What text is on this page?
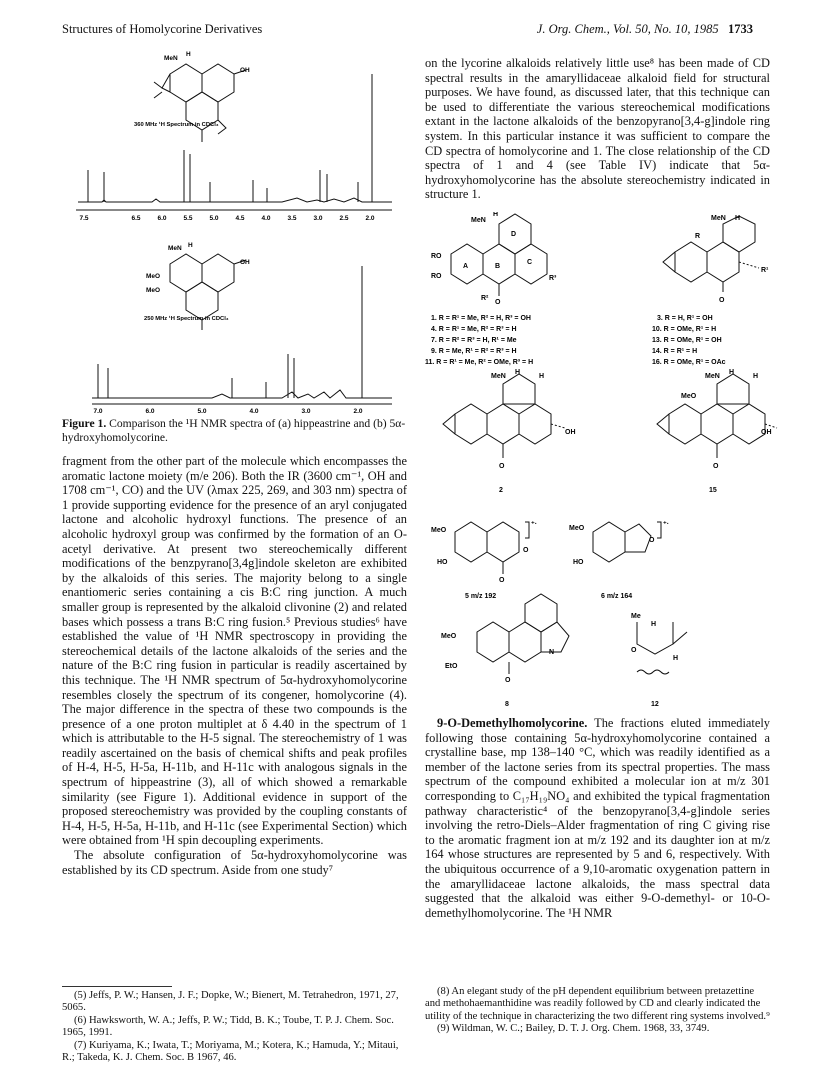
Structures of Homolycorine Derivatives	J. Org. Chem., Vol. 50, No. 10, 1985 1733
MeN
H
OH
360 MHz ¹H Spectrum in CDCl₃
7.5	6.5	6.0	5.5	5.0	4.5	4.0	3.5	3.0	2.5	2.0
MeN H
MeO
MeO
OH
250 MHz ¹H Spectrum in CDCl₃
7.0	6.0	5.0	4.0	3.0	2.0
Figure 1. Comparison the ¹H NMR spectra of (a) hippeastrine and (b) 5α-hydroxyhomolycorine.

fragment from the other part of the molecule which encompasses the aromatic lactone moiety (m/e 206). Both the IR (3600 cm⁻¹, OH and 1708 cm⁻¹, CO) and the UV (λmax 225, 269, and 303 nm) spectra of 1 provide supporting evidence for the presence of an aryl conjugated lactone and alcoholic hydroxyl functions. The presence of an alcoholic hydroxyl group was confirmed by the formation of an O-acetyl derivative. At present two stereochemically different modifications of the benzpyrano[3,4g]indole skeleton are exhibited by the alkaloids of this series. The majority belong to a single enantiomeric series containing a cis B:C ring junction. A much smaller group is represented by the alkaloid clivonine (2) and related bases which possess a trans B:C ring fusion.⁵ Previous studies⁶ have established the value of ¹H NMR spectroscopy in providing the stereochemical details of the lactone alkaloids of the series and the nature of the B:C ring fusion in particular is readily ascertained by this technique. The ¹H NMR spectrum of 5α-hydroxyhomolycorine resembles closely the spectrum of its congener, homolycorine (4). The major difference in the spectra of these two compounds is the presence of a one proton multiplet at δ 4.40 in the spectrum of 1 which is attributable to the H-5 signal. The stereochemistry of 1 was readily ascertained on the basis of chemical shifts and peak profiles of H-4, H-5, H-5a, H-11b, and H-11c with analogous signals in the spectrum of hippeastrine (3), all of which showed a remarkable similarity (see Figure 1). Additional evidence in support of the proposed stereochemistry was provided by the coupling constants of H-4, H-5, H-5a, H-11b, and H-11c (see Experimental Section) which were obtained from ¹H spin decoupling experiments.

The absolute configuration of 5α-hydroxyhomolycorine was established by its CD spectrum. Aside from one study⁷

(5) Jeffs, P. W.; Hansen, J. F.; Dopke, W.; Bienert, M. Tetrahedron, 1971, 27, 5065.
(6) Hawksworth, W. A.; Jeffs, P. W.; Tidd, B. K.; Toube, T. P. J. Chem. Soc. 1965, 1991.
(7) Kuriyama, K.; Iwata, T.; Moriyama, M.; Kotera, K.; Hamuda, Y.; Mitaui, R.; Takeda, K. J. Chem. Soc. B 1967, 46.

on the lycorine alkaloids relatively little use⁸ has been made of CD spectral results in the amaryllidaceae alkaloid field for structural purposes. We have found, as discussed later, that this technique can be used to differentiate the various stereochemical modifications extant in the lactone alkaloids of the benzopyrano[3,4-g]indole ring system. In this particular instance it was sufficient to compare the CD spectra of homolycorine and 1. The close relationship of the CD spectra of 1 and 4 (see Table IV) indicate that 5α-hydroxyhomolycorine has the absolute stereochemistry indicated in structure 1.

MeN
H
RO
RO	R³
R²
D
C
A	B
O
MeN H
R
R¹
O
1. R = R¹ = Me, R² = H, R³ = OH
4. R = R¹ = Me, R² = R³ = H
7. R = R² = R³ = H, R¹ = Me
9. R = Me, R¹ = R² = R³ = H
11. R = R¹ = Me, R² = OMe, R³ = H
3. R = H, R¹ = OH
10. R = OMe, R¹ = H
13. R = OMe, R¹ = OH
14. R = R¹ = H
16. R = OMe, R¹ = OAc
MeN
H
H
OH
O
2
MeN
H
H
MeO
OH
O
15
MeO
HO
O
O
⁺·
5 m/z 192
MeO
HO
O
⁺·
6 m/z 164
MeO
EtO
N
O
8
Me
H
H
O
12

9-O-Demethylhomolycorine. The fractions eluted immediately following those containing 5α-hydroxyhomolycorine contained a crystalline base, mp 138–140 °C, which was readily identified as a member of the lactone series from its spectral properties. The mass spectrum of the compound exhibited a molecular ion at m/z 301 corresponding to C₁₇H₁₉NO₄ and exhibited the typical fragmentation pathway characteristic⁴ of the benzopyrano[3,4-g]indole series involving the retro-Diels–Alder fragmentation of ring C giving rise to the aromatic fragment ion at m/z 192 and its daughter ion at m/z 164 whose structures are represented by 5 and 6, respectively. With the ubiquitous occurrence of a 9,10-aromatic oxygenation pattern in the amaryllidaceae lactone alkaloids, the mass spectral data suggested that the alkaloid was either 9-O-demethyl- or 10-O-demethylhomolycorine. The ¹H NMR

(8) An elegant study of the pH dependent equilibrium between pretazettine and methohaemanthidine was readily followed by CD and clearly indicated the utility of the technique in characterizing the two different ring systems involved.⁹
(9) Wildman, W. C.; Bailey, D. T. J. Org. Chem. 1968, 33, 3749.
